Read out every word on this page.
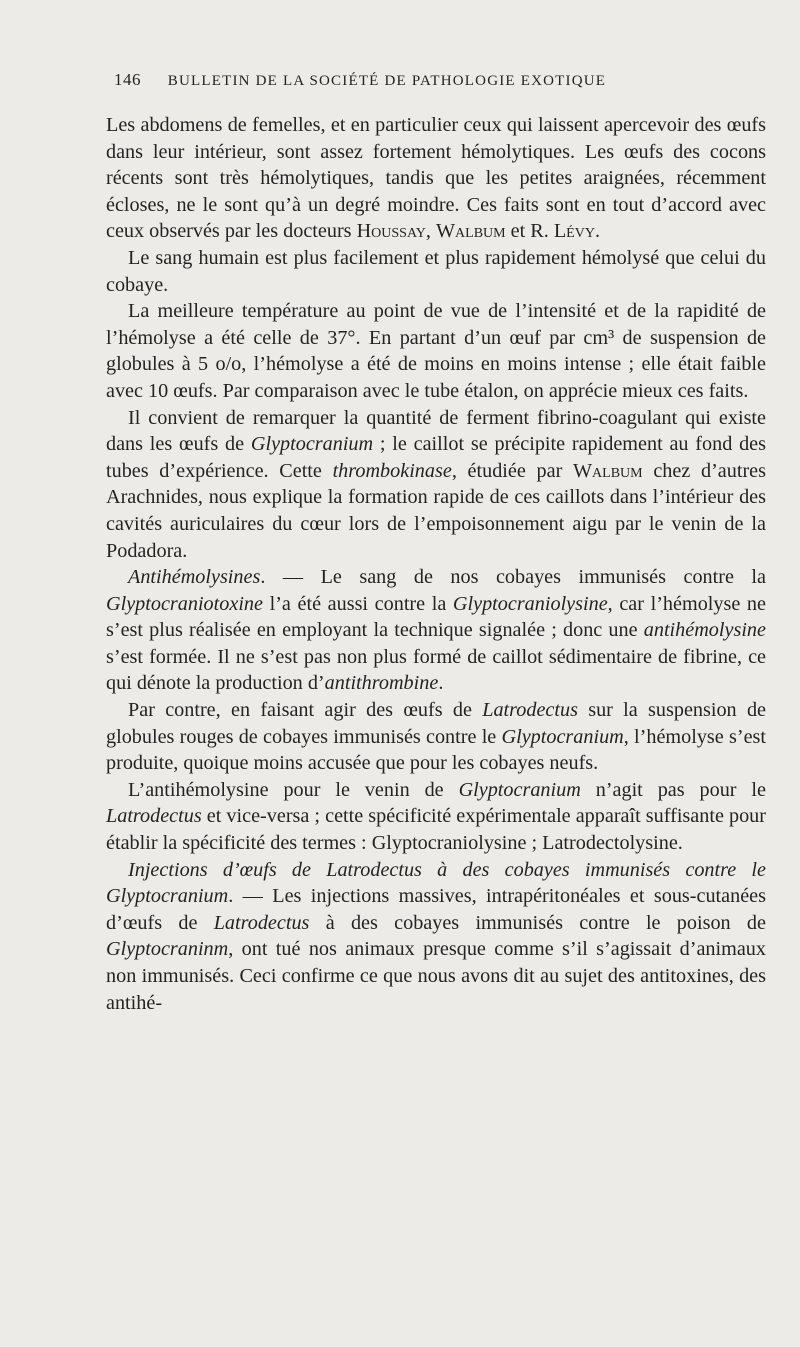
146 BULLETIN DE LA SOCIÉTÉ DE PATHOLOGIE EXOTIQUE

Les abdomens de femelles, et en particulier ceux qui laissent apercevoir des œufs dans leur intérieur, sont assez fortement hémolytiques. Les œufs des cocons récents sont très hémolytiques, tandis que les petites araignées, récemment écloses, ne le sont qu’à un degré moindre. Ces faits sont en tout d’accord avec ceux observés par les docteurs Houssay, Walbum et R. Lévy.

Le sang humain est plus facilement et plus rapidement hémolysé que celui du cobaye.

La meilleure température au point de vue de l’intensité et de la rapidité de l’hémolyse a été celle de 37°. En partant d’un œuf par cm³ de suspension de globules à 5 o/o, l’hémolyse a été de moins en moins intense ; elle était faible avec 10 œufs. Par comparaison avec le tube étalon, on apprécie mieux ces faits.

Il convient de remarquer la quantité de ferment fibrino-coagulant qui existe dans les œufs de Glyptocranium ; le caillot se précipite rapidement au fond des tubes d’expérience. Cette thrombokinase, étudiée par Walbum chez d’autres Arachnides, nous explique la formation rapide de ces caillots dans l’intérieur des cavités auriculaires du cœur lors de l’empoisonnement aigu par le venin de la Podadora.

Antihémolysines. — Le sang de nos cobayes immunisés contre la Glyptocraniotoxine l’a été aussi contre la Glyptocraniolysine, car l’hémolyse ne s’est plus réalisée en employant la technique signalée ; donc une antihémolysine s’est formée. Il ne s’est pas non plus formé de caillot sédimentaire de fibrine, ce qui dénote la production d’antithrombine.

Par contre, en faisant agir des œufs de Latrodectus sur la suspension de globules rouges de cobayes immunisés contre le Glyptocranium, l’hémolyse s’est produite, quoique moins accusée que pour les cobayes neufs.

L’antihémolysine pour le venin de Glyptocranium n’agit pas pour le Latrodectus et vice-versa ; cette spécificité expérimentale apparaît suffisante pour établir la spécificité des termes : Glyptocraniolysine ; Latrodectolysine.

Injections d’œufs de Latrodectus à des cobayes immunisés contre le Glyptocranium. — Les injections massives, intrapéritonéales et sous-cutanées d’œufs de Latrodectus à des cobayes immunisés contre le poison de Glyptocraninm, ont tué nos animaux presque comme s’il s’agissait d’animaux non immunisés. Ceci confirme ce que nous avons dit au sujet des antitoxines, des antihé-
